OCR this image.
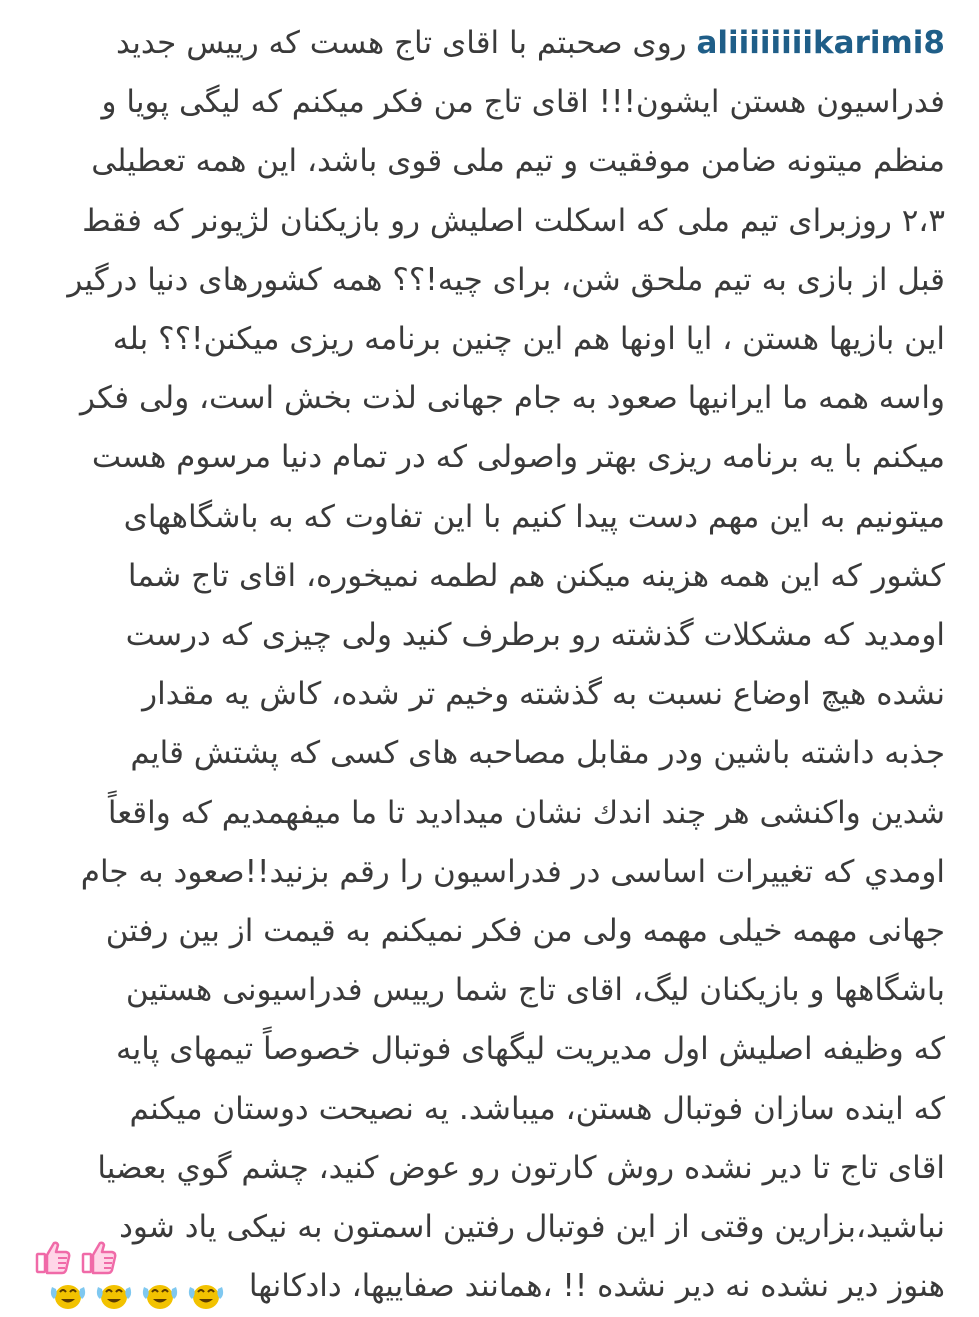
aliiiiiiiikarimi8 روی صحبتم با اقای تاج هست که رییس جدید
فدراسیون هستن ایشون!!! اقای تاج من فکر میکنم که لیگی پویا و
منظم میتونه ضامن موفقیت و تیم ملی قوی باشد، این همه تعطیلی
۲،۳ روزبرای تیم ملی که اسکلت اصلیش رو بازیکنان لژیونر که فقط
قبل از بازی به تیم ملحق شن، برای چیه!؟؟ همه کشورهای دنیا درگیر
این بازیها هستن ، ایا اونها هم این چنین برنامه ریزی میکنن!؟؟ بله
واسه همه ما ایرانیها صعود به جام جهانی لذت بخش است، ولی فکر
میکنم با یه برنامه ریزی بهتر واصولی که در تمام دنیا مرسوم هست
میتونیم به این مهم دست پیدا کنیم با این تفاوت که به باشگاههای
کشور که این همه هزینه میکنن هم لطمه نمیخوره، اقای تاج شما
اومدید که مشکلات گذشته رو برطرف کنید ولی چیزی که درست
نشده هیچ اوضاع نسبت به گذشته وخیم تر شده، کاش یه مقدار
جذبه داشته باشین ودر مقابل مصاحبه های کسی که پشتش قایم
شدین واکنشی هر چند اندك نشان میدادید تا ما میفهمدیم که واقعاً
اومدي که تغییرات اساسی در فدراسیون را رقم بزنید!!صعود به جام
جهانی مهمه خیلی مهمه ولی من فکر نمیکنم به قیمت از بین رفتن
باشگاهها و بازیکنان لیگ، اقای تاج شما رییس فدراسیونی هستین
که وظیفه اصلیش اول مدیریت لیگهای فوتبال خصوصاً تیمهای پایه
که اینده سازان فوتبال هستن، میباشد. یه نصیحت دوستان میکنم
اقای تاج تا دیر نشده روش کارتون رو عوض کنید، چشم گوي بعضیا
نباشید،بزارین وقتی از این فوتبال رفتین اسمتون به نیکی یاد شود
هنوز دیر نشده نه دیر نشده !! ،همانند صفاییها، دادکانها
